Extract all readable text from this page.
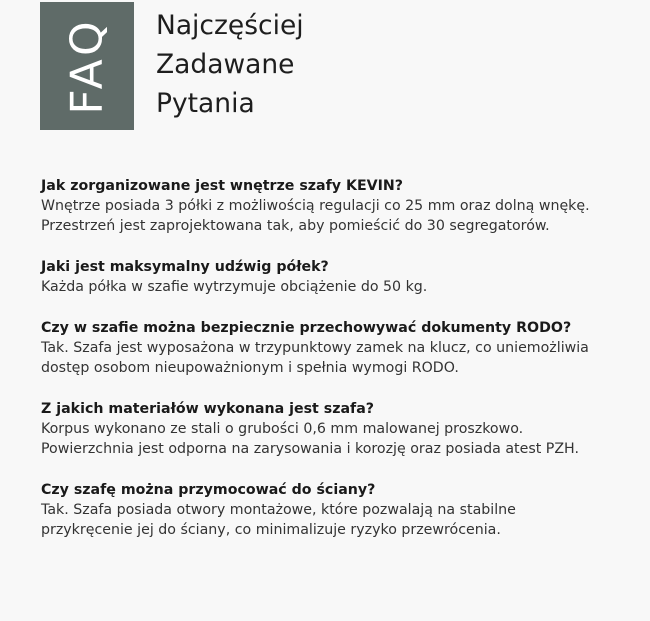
FAQ Najczęściej
Zadawane
Pytania

Jak zorganizowane jest wnętrze szafy KEVIN?

Wnętrze posiada 3 półki z możliwością regulacji co 25 mm oraz dolną wnękę.
Przestrzeń jest zaprojektowana tak, aby pomieścić do 30 segregatorów.

Jaki jest maksymalny udźwig półek?

Każda półka w szafie wytrzymuje obciążenie do 50 kg.

Czy w szafie można bezpiecznie przechowywać dokumenty RODO?

Tak. Szafa jest wyposażona w trzypunktowy zamek na klucz, co uniemożliwia
dostęp osobom nieupoważnionym i spełnia wymogi RODO.

Z jakich materiałów wykonana jest szafa?

Korpus wykonano ze stali o grubości 0,6 mm malowanej proszkowo.
Powierzchnia jest odporna na zarysowania i korozję oraz posiada atest PZH.

Czy szafę można przymocować do ściany?

Tak. Szafa posiada otwory montażowe, które pozwalają na stabilne
przykręcenie jej do ściany, co minimalizuje ryzyko przewrócenia.
